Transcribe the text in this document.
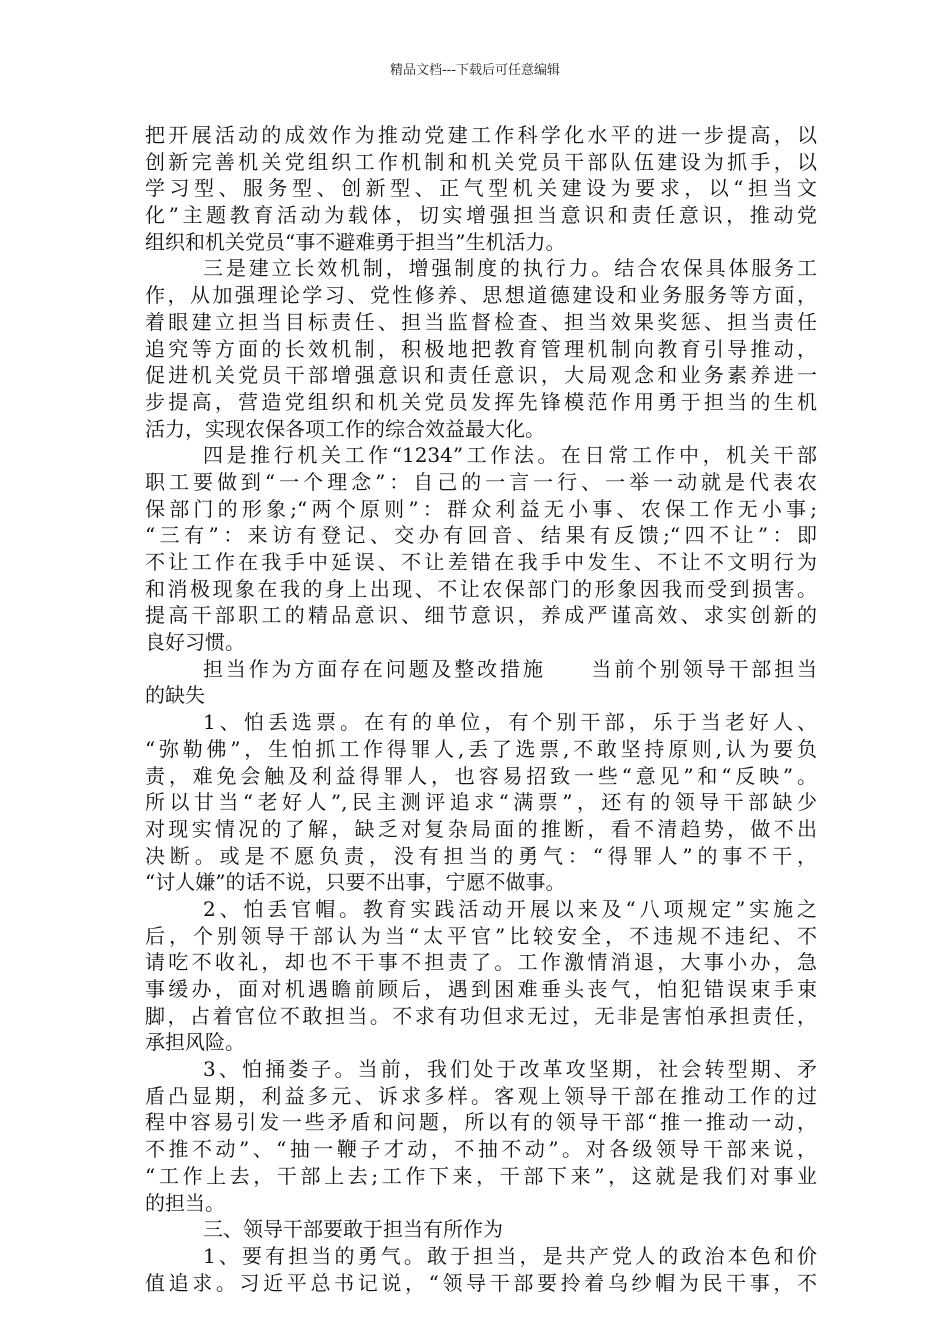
精品文档---下载后可任意编辑
把开展活动的成效作为推动党建工作科学化水平的进一步提高，以
创新完善机关党组织工作机制和机关党员干部队伍建设为抓手，以
学习型、服务型、创新型、正气型机关建设为要求，以“担当文
化”主题教育活动为载体，切实增强担当意识和责任意识，推动党
组织和机关党员“事不避难勇于担当”生机活力。
三是建立长效机制，增强制度的执行力。结合农保具体服务工
作，从加强理论学习、党性修养、思想道德建设和业务服务等方面，
着眼建立担当目标责任、担当监督检查、担当效果奖惩、担当责任
追究等方面的长效机制，积极地把教育管理机制向教育引导推动，
促进机关党员干部增强意识和责任意识，大局观念和业务素养进一
步提高，营造党组织和机关党员发挥先锋模范作用勇于担当的生机
活力，实现农保各项工作的综合效益最大化。
四是推行机关工作“1234”工作法。在日常工作中，机关干部
职工要做到“一个理念”：自己的一言一行、一举一动就是代表农
保部门的形象;“两个原则”：群众利益无小事、农保工作无小事;
“三有”：来访有登记、交办有回音、结果有反馈;“四不让”：即
不让工作在我手中延误、不让差错在我手中发生、不让不文明行为
和消极现象在我的身上出现、不让农保部门的形象因我而受到损害。
提高干部职工的精品意识、细节意识，养成严谨高效、求实创新的
良好习惯。
担当作为方面存在问题及整改措施　　当前个别领导干部担当
的缺失
1、怕丢选票。在有的单位，有个别干部，乐于当老好人、
“弥勒佛”，生怕抓工作得罪人,丢了选票,不敢坚持原则,认为要负
责，难免会触及利益得罪人，也容易招致一些“意见”和“反映”。
所以甘当“老好人”,民主测评追求“满票”，还有的领导干部缺少
对现实情况的了解，缺乏对复杂局面的推断，看不清趋势，做不出
决断。或是不愿负责，没有担当的勇气：“得罪人”的事不干，
“讨人嫌”的话不说，只要不出事，宁愿不做事。
2、怕丢官帽。教育实践活动开展以来及“八项规定”实施之
后，个别领导干部认为当“太平官”比较安全，不违规不违纪、不
请吃不收礼，却也不干事不担责了。工作激情消退，大事小办，急
事缓办，面对机遇瞻前顾后，遇到困难垂头丧气，怕犯错误束手束
脚，占着官位不敢担当。不求有功但求无过，无非是害怕承担责任，
承担风险。
3、怕捅娄子。当前，我们处于改革攻坚期，社会转型期、矛
盾凸显期，利益多元、诉求多样。客观上领导干部在推动工作的过
程中容易引发一些矛盾和问题，所以有的领导干部“推一推动一动，
不推不动”、“抽一鞭子才动，不抽不动”。对各级领导干部来说，
“工作上去，干部上去;工作下来，干部下来”，这就是我们对事业
的担当。
三、领导干部要敢于担当有所作为
1、要有担当的勇气。敢于担当，是共产党人的政治本色和价
值追求。习近平总书记说，“领导干部要拎着乌纱帽为民干事，不
